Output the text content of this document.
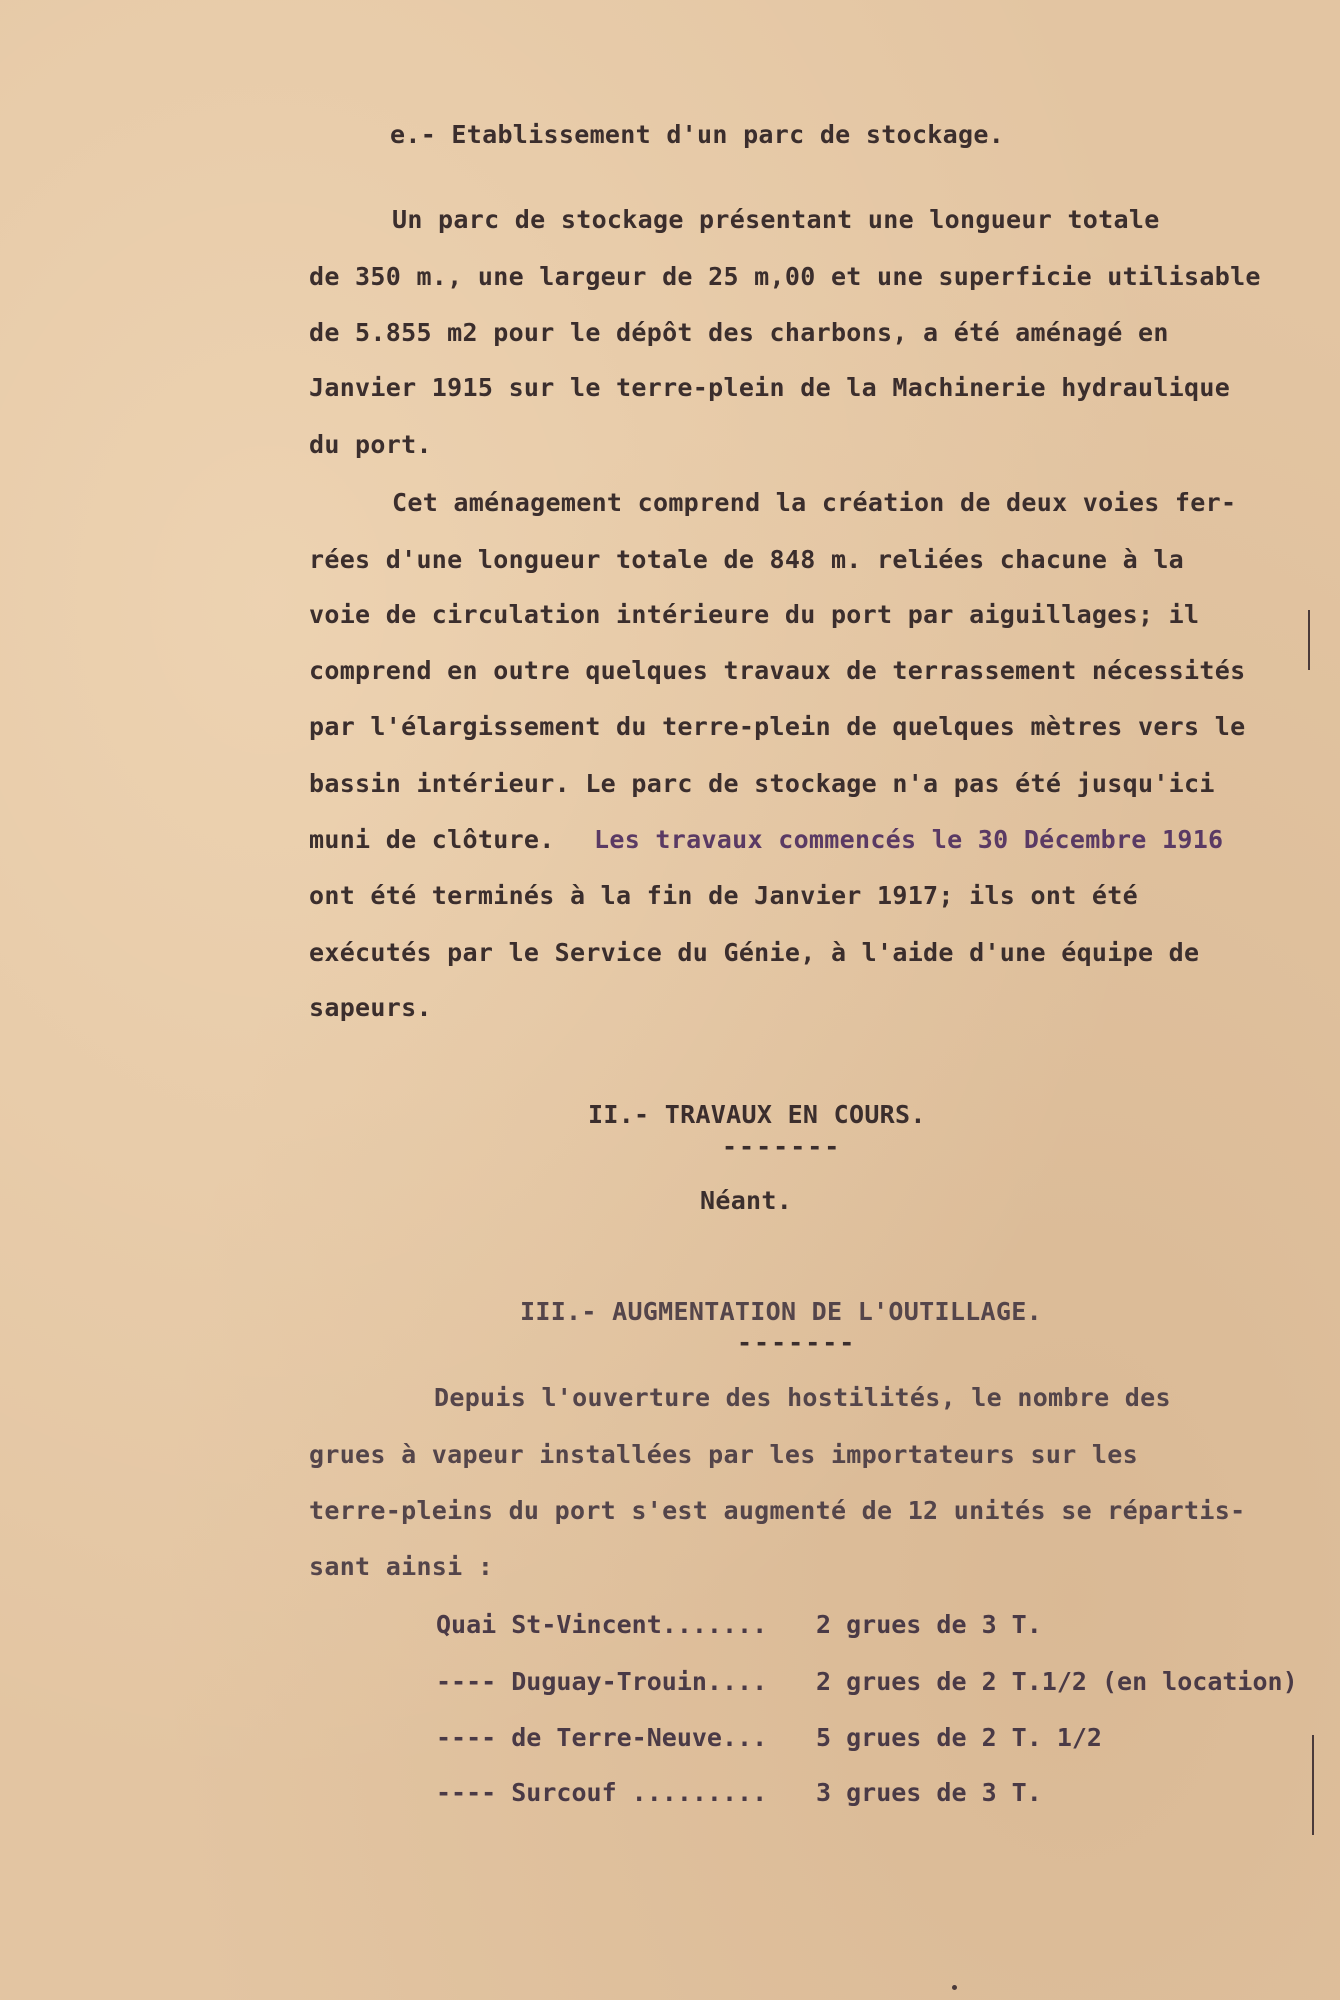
e.- Etablissement d'un parc de stockage.
Un parc de stockage présentant une longueur totale
de 350 m., une largeur de 25 m,00 et une superficie utilisable
de 5.855 m2 pour le dépôt des charbons, a été aménagé en
Janvier 1915 sur le terre-plein de la Machinerie hydraulique
du port.
Cet aménagement comprend la création de deux voies fer-
rées d'une longueur totale de 848 m. reliées chacune à la
voie de circulation intérieure du port par aiguillages; il
comprend en outre quelques travaux de terrassement nécessités
par l'élargissement du terre-plein de quelques mètres vers le
bassin intérieur. Le parc de stockage n'a pas été jusqu'ici
muni de clôture. Les travaux commencés le 30 Décembre 1916
ont été terminés à la fin de Janvier 1917; ils ont été
exécutés par le Service du Génie, à l'aide d'une équipe de
sapeurs.
II.- TRAVAUX EN COURS.
-------
Néant.
III.- AUGMENTATION DE L'OUTILLAGE.
-------
Depuis l'ouverture des hostilités, le nombre des
grues à vapeur installées par les importateurs sur les
terre-pleins du port s'est augmenté de 12 unités se répartis-
sant ainsi :
Quai St-Vincent....... 2 grues de 3 T.
---- Duguay-Trouin.... 2 grues de 2 T.1/2 (en location)
---- de Terre-Neuve... 5 grues de 2 T. 1/2
---- Surcouf ......... 3 grues de 3 T.
